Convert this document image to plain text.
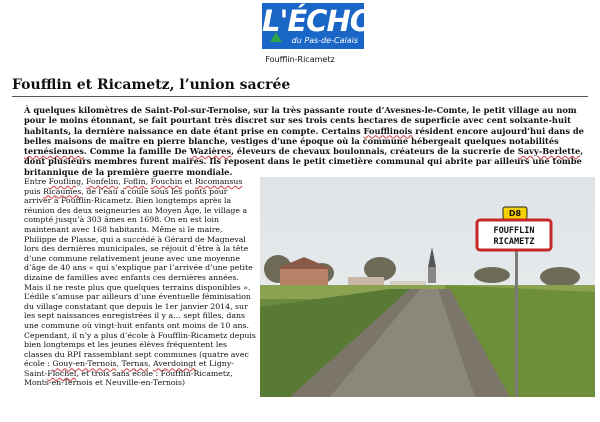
L'ÉCHO
du Pas-de-Calais
Foufflin-Ricametz
Foufflin et Ricametz, l’union sacrée

À quelques kilomètres de Saint-Pol-sur-Ternoise, sur la très passante route d’Avesnes-le-Comte, le petit village au nom pour le moins étonnant, se fait pourtant très discret sur ses trois cents hectares de superficie avec cent soixante-huit habitants, la dernière naissance en date étant prise en compte. Certains Foufflinois résident encore aujourd’hui dans de belles maisons de maître en pierre blanche, vestiges d’une époque où la commune hébergeait quelques notabilités ternésiennes. Comme la famille De Wazières, éleveurs de chevaux boulonnais, créateurs de la sucrerie de Savy-Berlette, dont plusieurs membres furent maires. Ils reposent dans le petit cimetière communal qui abrite par ailleurs une tombe britannique de la première guerre mondiale.

Entre Foufling, Fonfelin, Foflin, Fouchin et Ricomansus puis Ricaumes, de l’eau a coulé sous les ponts pour arriver à Foufflin-Ricametz. Bien longtemps après la réunion des deux seigneuries au Moyen Âge, le village a compté jusqu’à 303 âmes en 1698. On en est loin maintenant avec 168 habitants. Même si le maire, Philippe de Plasse, qui a succédé à Gérard de Magneval lors des dernières municipales, se réjouit d’être à la tête d’une commune relativement jeune avec une moyenne d’âge de 40 ans « qui s’explique par l’arrivée d’une petite dizaine de familles avec enfants ces dernières années. Mais il ne reste plus que quelques terrains disponibles ». L’édile s’amuse par ailleurs d’une éventuelle féminisation du village constatant que depuis le 1er janvier 2014, sur les sept naissances enregistrées il y a… sept filles, dans une commune où vingt-huit enfants ont moins de 10 ans. Cependant, il n’y a plus d’école à Foufflin-Ricametz depuis bien longtemps et les jeunes élèves fréquentent les classes du RPI rassemblant sept communes (quatre avec école : Gouy-en-Ternois, Ternas, Averdoingt et Ligny-Saint-Flochel, et trois sans école : Foufflin-Ricametz, Monts-en-Ternois et Neuville-en-Ternois)

D8
FOUFFLIN
RICAMETZ
